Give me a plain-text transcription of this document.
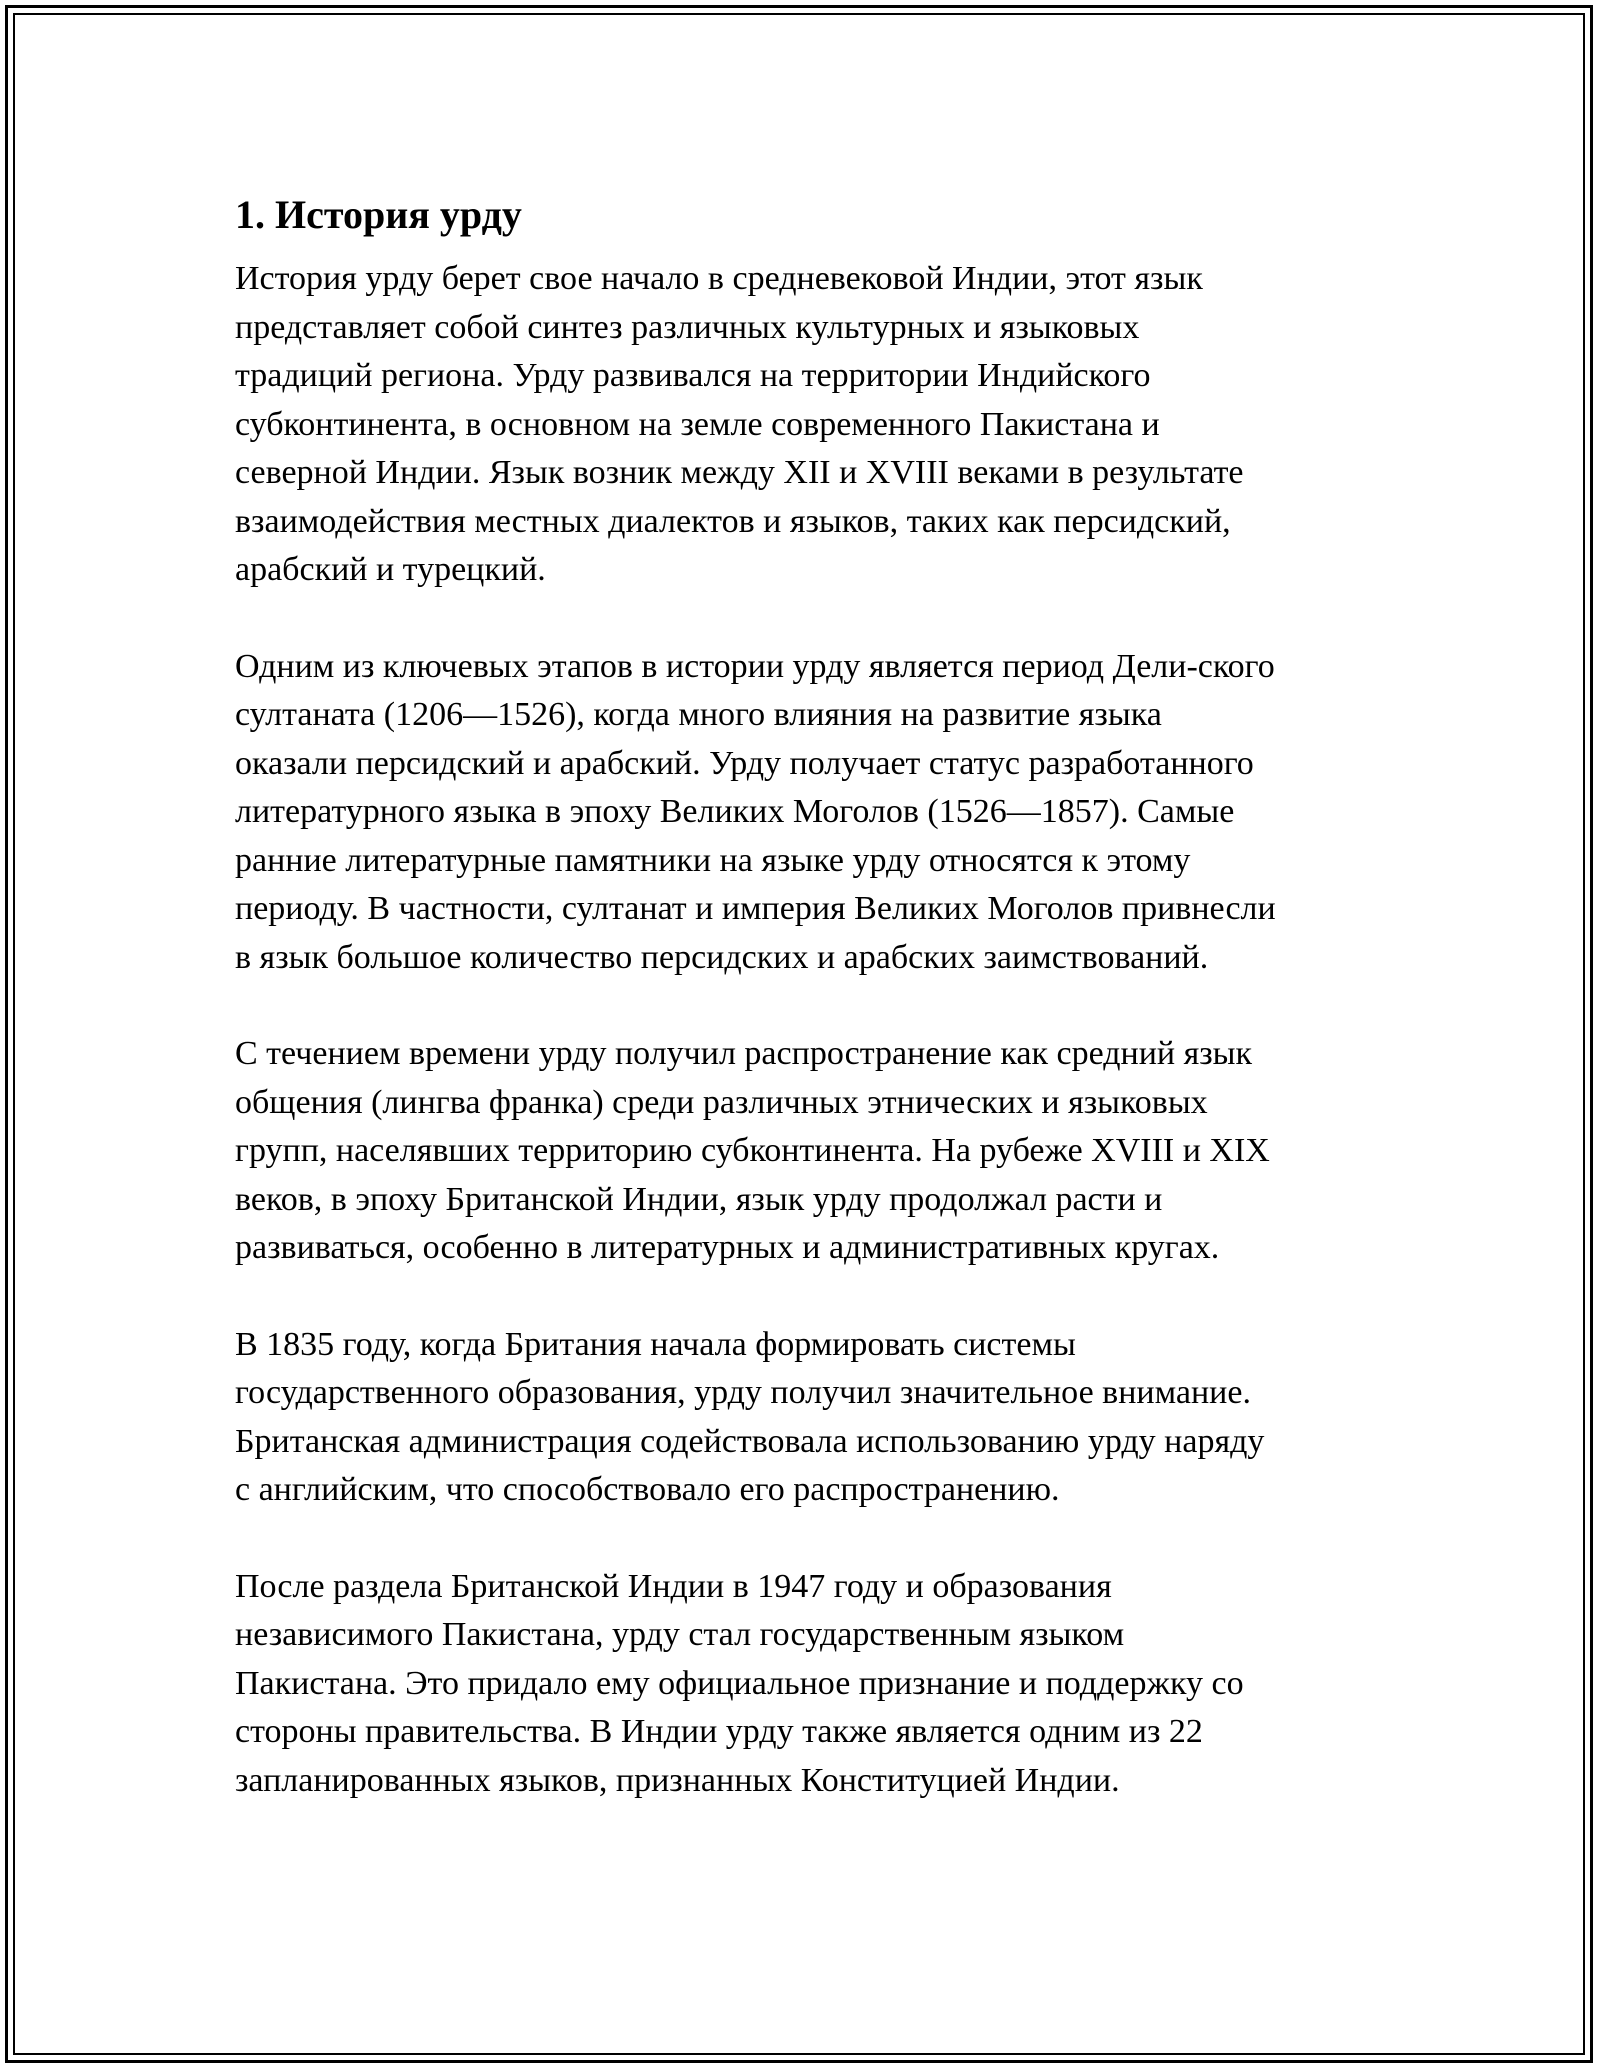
1. История урду

История урду берет свое начало в средневековой Индии, этот язык
представляет собой синтез различных культурных и языковых
традиций региона. Урду развивался на территории Индийского
субконтинента, в основном на земле современного Пакистана и
северной Индии. Язык возник между XII и XVIII веками в результате
взаимодействия местных диалектов и языков, таких как персидский,
арабский и турецкий.

Одним из ключевых этапов в истории урду является период Дели-ского
султаната (1206—1526), когда много влияния на развитие языка
оказали персидский и арабский. Урду получает статус разработанного
литературного языка в эпоху Великих Моголов (1526—1857). Самые
ранние литературные памятники на языке урду относятся к этому
периоду. В частности, султанат и империя Великих Моголов привнесли
в язык большое количество персидских и арабских заимствований.

С течением времени урду получил распространение как средний язык
общения (лингва франка) среди различных этнических и языковых
групп, населявших территорию субконтинента. На рубеже XVIII и XIX
веков, в эпоху Британской Индии, язык урду продолжал расти и
развиваться, особенно в литературных и административных кругах.

В 1835 году, когда Британия начала формировать системы
государственного образования, урду получил значительное внимание.
Британская администрация содействовала использованию урду наряду
с английским, что способствовало его распространению.

После раздела Британской Индии в 1947 году и образования
независимого Пакистана, урду стал государственным языком
Пакистана. Это придало ему официальное признание и поддержку со
стороны правительства. В Индии урду также является одним из 22
запланированных языков, признанных Конституцией Индии.
